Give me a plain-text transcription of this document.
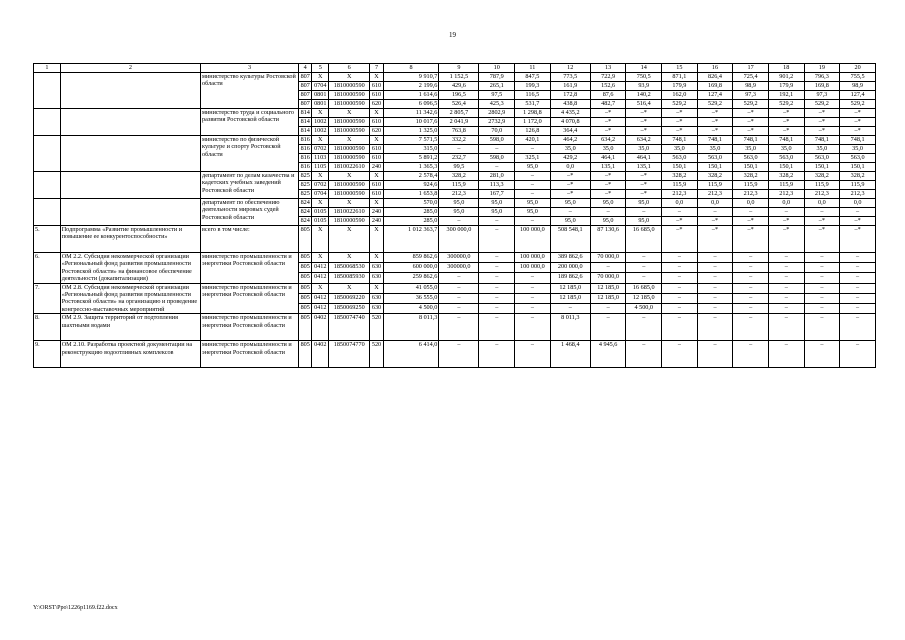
19
1	2	3	4	5	6	7	8	9	10	11	12	13	14	15	16	17	18	19	20
		министерство культуры Ростовской области	807	X	X	X	9 910,7	1 152,5	787,9	847,5	773,5	722,9	750,5	871,1	826,4	725,4	901,2	796,3	755,5
			807	0704	1810000590	610	2 199,6	429,6	265,1	199,3	161,9	152,6	93,9	179,9	169,8	98,9	179,9	169,8	98,9
			807	0801	1810000590	610	1 614,6	196,5	97,5	116,5	172,8	87,6	140,2	162,0	127,4	97,3	192,1	97,3	127,4
			807	0801	1810000590	620	6 096,5	526,4	425,3	531,7	438,8	482,7	516,4	529,2	529,2	529,2	529,2	529,2	529,2
		министерство труда и социального развития Ростовской области	814	X	X	X	11 342,6	2 805,7	2802,9	1 298,8	4 435,2	–*	–*	–*	–*	–*	–*	–*	–*
			814	1002	1810000590	610	10 017,6	2 041,9	2732,9	1 172,0	4 070,8	–*	–*	–*	–*	–*	–*	–*	–*
			814	1002	1810000590	620	1 325,0	763,8	70,0	126,8	364,4	–*	–*	–*	–*	–*	–*	–*	–*
		министерство по физической культуре и спорту Ростовской области	816	X	X	X	7 571,5	332,2	598,0	420,1	464,2	634,2	634,2	748,1	748,1	748,1	748,1	748,1	748,1
			816	0702	1810000590	610	315,0	–	–	–	35,0	35,0	35,0	35,0	35,0	35,0	35,0	35,0	35,0
			816	1103	1810000590	610	5 891,2	232,7	598,0	325,1	429,2	464,1	464,1	563,0	563,0	563,0	563,0	563,0	563,0
			816	1105	1810022610	240	1 365,3	99,5	–	95,0	0,0	135,1	135,1	150,1	150,1	150,1	150,1	150,1	150,1
		департамент по делам казачества и кадетских учебных заведений Ростовской области	825	X	X	X	2 578,4	328,2	281,0	–	–*	–*	–*	328,2	328,2	328,2	328,2	328,2	328,2
			825	0702	1810000590	610	924,6	115,9	113,3	–	–*	–*	–*	115,9	115,9	115,9	115,9	115,9	115,9
			825	0704	1810000590	610	1 653,8	212,3	167,7	–	–*	–*	–*	212,3	212,3	212,3	212,3	212,3	212,3
		департамент по обеспечению деятельности мировых судей Ростовской области	824	X	X	X	570,0	95,0	95,0	95,0	95,0	95,0	95,0	0,0	0,0	0,0	0,0	0,0	0,0
			824	0105	1810022610	240	285,0	95,0	95,0	95,0	–	–	–	–	–	–	–	–	–
			824	0105	1810000590	240	285,0	–	–	–	95,0	95,0	95,0	–*	–*	–*	–*	–*	–*
5.	Подпрограмма «Развитие промышленности и повышение ее конкурентоспособности»	всего в том числе:	805	X	X	X	1 012 363,7	300 000,0	–	100 000,0	508 548,1	87 130,6	16 685,0	–*	–*	–*	–*	–*	–*
6.	ОМ 2.2. Субсидия некоммерческой организации «Региональный фонд развития промышленности Ростовской области» на финансовое обеспечение деятельности (докапитализация)	министерство промышленности и энергетики Ростовской области	805	X	X	X	859 862,6	300000,0	–	100 000,0	389 862,6	70 000,0	–	–	–	–	–	–	–
			805	0412	1850068530	630	600 000,0	300000,0	–	100 000,0	200 000,0	–	–	–	–	–	–	–	–
			805	0412	1850085930	630	259 862,6	–	–	–	189 862,6	70 000,0	–	–	–	–	–	–	–
7.	ОМ 2.8. Субсидия некоммерческой организации «Региональный фонд развития промышленности Ростовской области» на организацию и проведение конгрессно-выставочных мероприятий	министерство промышленности и энергетики Ростовской области	805	X	X	X	41 055,0	–	–	–	12 185,0	12 185,0	16 685,0	–	–	–	–	–	–
			805	0412	1850069220	630	36 555,0	–	–	–	12 185,0	12 185,0	12 185,0	–	–	–	–	–	–
			805	0412	1850069250	630	4 500,0	–	–	–	–	–	4 500,0	–	–	–	–	–	–
8.	ОМ 2.9. Защита территорий от подтопления шахтными водами	министерство промышленности и энергетики Ростовской области	805	0402	1850074740	520	8 011,3	–	–	–	8 011,3	–	–	–	–	–	–	–	–
9.	ОМ 2.10. Разработка проектной документации на реконструкцию водоотливных комплексов	министерство промышленности и энергетики Ростовской области	805	0402	1850074770	520	6 414,0	–	–	–	1 468,4	4 945,6	–	–	–	–	–	–	–
Y:\ORST\Ppo\1226p1169.f22.docx
